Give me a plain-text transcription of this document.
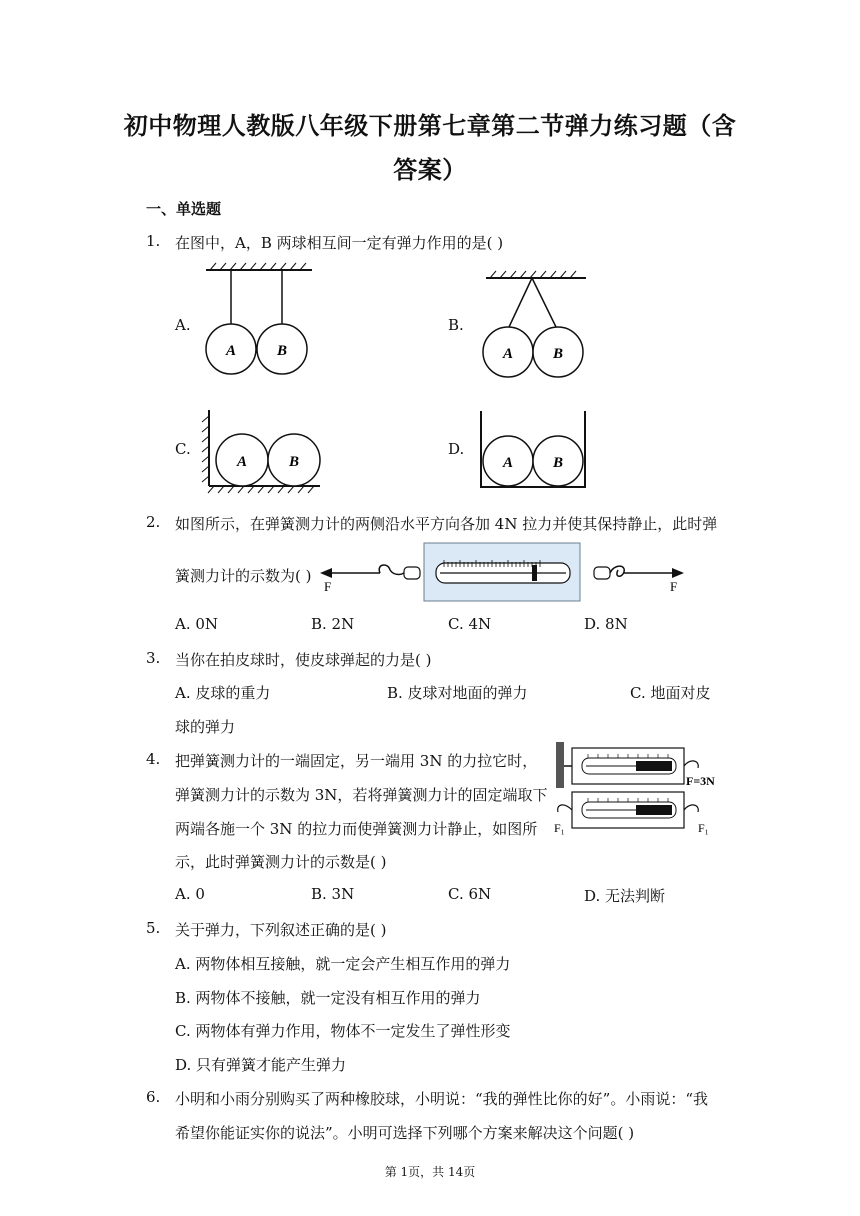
初中物理人教版八年级下册第七章第二节弹力练习题（含
答案）
一、单选题
1. 在图中，A，B 两球相互间一定有弹力作用的是( )
A.	B.
C.	D.
A	B	A	B
A	B	A	B
2. 如图所示，在弹簧测力计的两侧沿水平方向各加 4N 拉力并使其保持静止，此时弹
簧测力计的示数为( )
F	F
A. 0N	B. 2N	C. 4N	D. 8N
3. 当你在拍皮球时，使皮球弹起的力是( )
A. 皮球的重力	B. 皮球对地面的弹力	C. 地面对皮
球的弹力
4. 把弹簧测力计的一端固定，另一端用 3N 的力拉它时，
弹簧测力计的示数为 3N，若将弹簧测力计的固定端取下
两端各施一个 3N 的拉力而使弹簧测力计静止，如图所
示，此时弹簧测力计的示数是( )
F=3N
F₁	F₁
A. 0	B. 3N	C. 6N	D. 无法判断
5. 关于弹力，下列叙述正确的是( )
A. 两物体相互接触，就一定会产生相互作用的弹力
B. 两物体不接触，就一定没有相互作用的弹力
C. 两物体有弹力作用，物体不一定发生了弹性形变
D. 只有弹簧才能产生弹力
6. 小明和小雨分别购买了两种橡胶球，小明说：“我的弹性比你的好”。小雨说：“我
希望你能证实你的说法”。小明可选择下列哪个方案来解决这个问题( )
第 1页，共 14页
